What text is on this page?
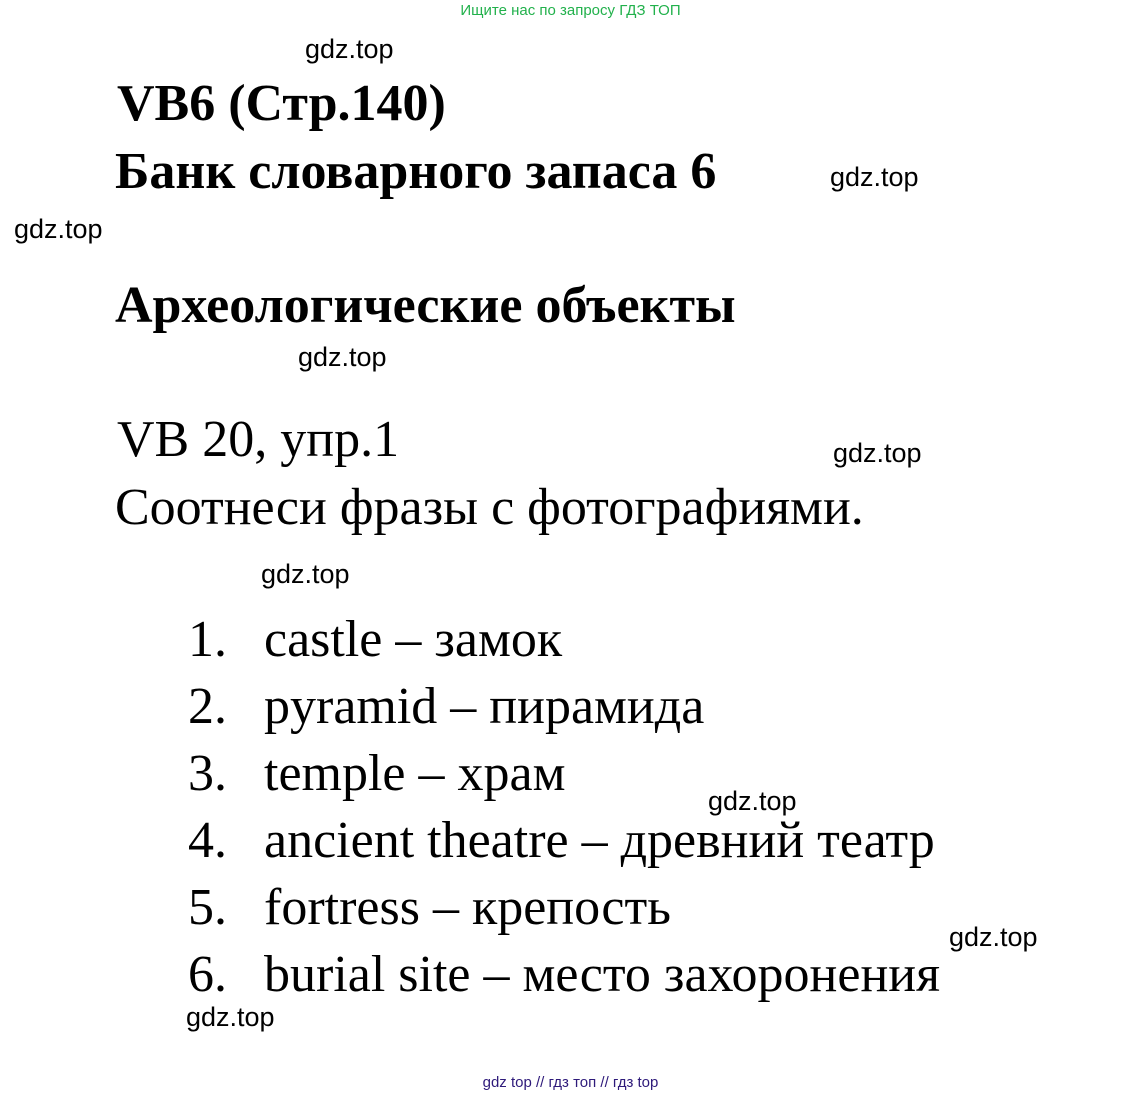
Ищите нас по запросу ГДЗ ТОП
gdz.top
VB6 (Стр.140)
Банк словарного запаса 6	gdz.top
gdz.top
Археологические объекты
gdz.top
VB 20, упр.1	gdz.top
Соотнеси фразы с фотографиями.
gdz.top
1. castle – замок
2. pyramid – пирамида
3. temple – храм
4. ancient theatre – древний театр
5. fortress – крепость
6. burial site – место захоронения
gdz.top
gdz.top
gdz.top
gdz top // гдз топ // гдз top
